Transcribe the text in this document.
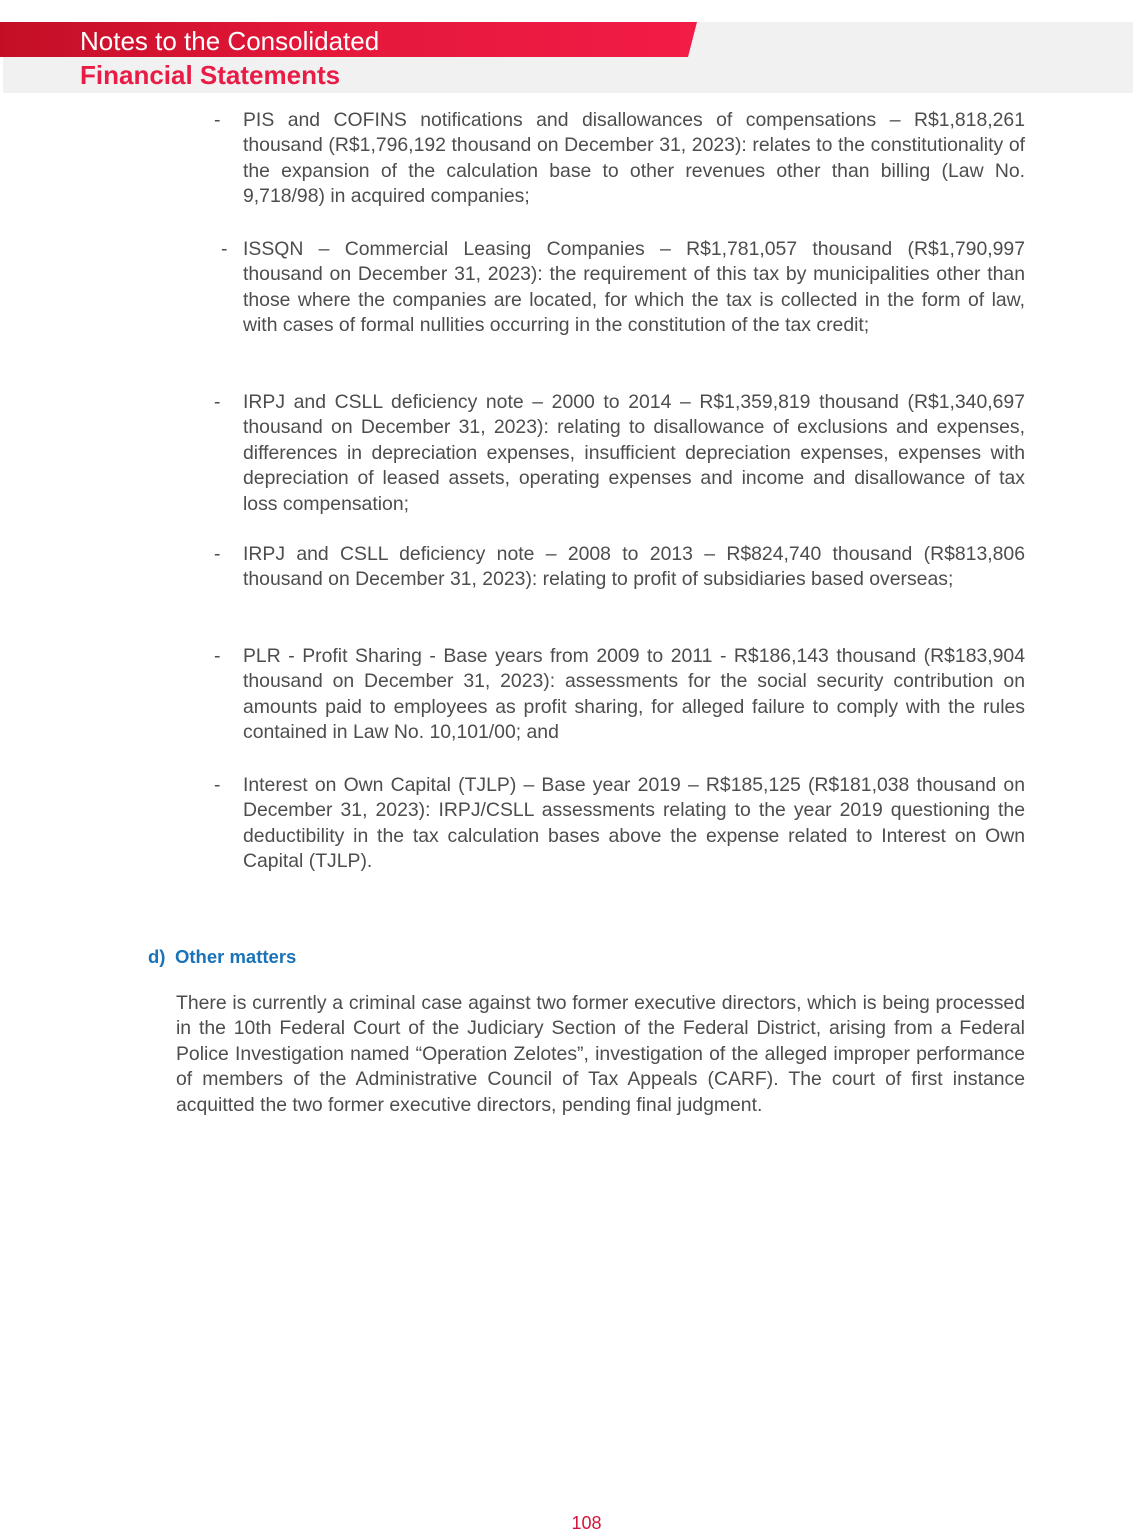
Notes to the Consolidated
Financial Statements
- PIS and COFINS notifications and disallowances of compensations – R$1,818,261 thousand (R$1,796,192 thousand on December 31, 2023): relates to the constitutionality of the expansion of the calculation base to other revenues other than billing (Law No. 9,718/98) in acquired companies;
- ISSQN – Commercial Leasing Companies – R$1,781,057 thousand (R$1,790,997 thousand on December 31, 2023): the requirement of this tax by municipalities other than those where the companies are located, for which the tax is collected in the form of law, with cases of formal nullities occurring in the constitution of the tax credit;
- IRPJ and CSLL deficiency note – 2000 to 2014 – R$1,359,819 thousand (R$1,340,697 thousand on December 31, 2023): relating to disallowance of exclusions and expenses, differences in depreciation expenses, insufficient depreciation expenses, expenses with depreciation of leased assets, operating expenses and income and disallowance of tax loss compensation;
- IRPJ and CSLL deficiency note – 2008 to 2013 – R$824,740 thousand (R$813,806 thousand on December 31, 2023): relating to profit of subsidiaries based overseas;
- PLR - Profit Sharing - Base years from 2009 to 2011 - R$186,143 thousand (R$183,904 thousand on December 31, 2023): assessments for the social security contribution on amounts paid to employees as profit sharing, for alleged failure to comply with the rules contained in Law No. 10,101/00; and
- Interest on Own Capital (TJLP) – Base year 2019 – R$185,125 (R$181,038 thousand on December 31, 2023): IRPJ/CSLL assessments relating to the year 2019 questioning the deductibility in the tax calculation bases above the expense related to Interest on Own Capital (TJLP).
d) Other matters
There is currently a criminal case against two former executive directors, which is being processed in the 10th Federal Court of the Judiciary Section of the Federal District, arising from a Federal Police Investigation named “Operation Zelotes”, investigation of the alleged improper performance of members of the Administrative Council of Tax Appeals (CARF). The court of first instance acquitted the two former executive directors, pending final judgment.
108
